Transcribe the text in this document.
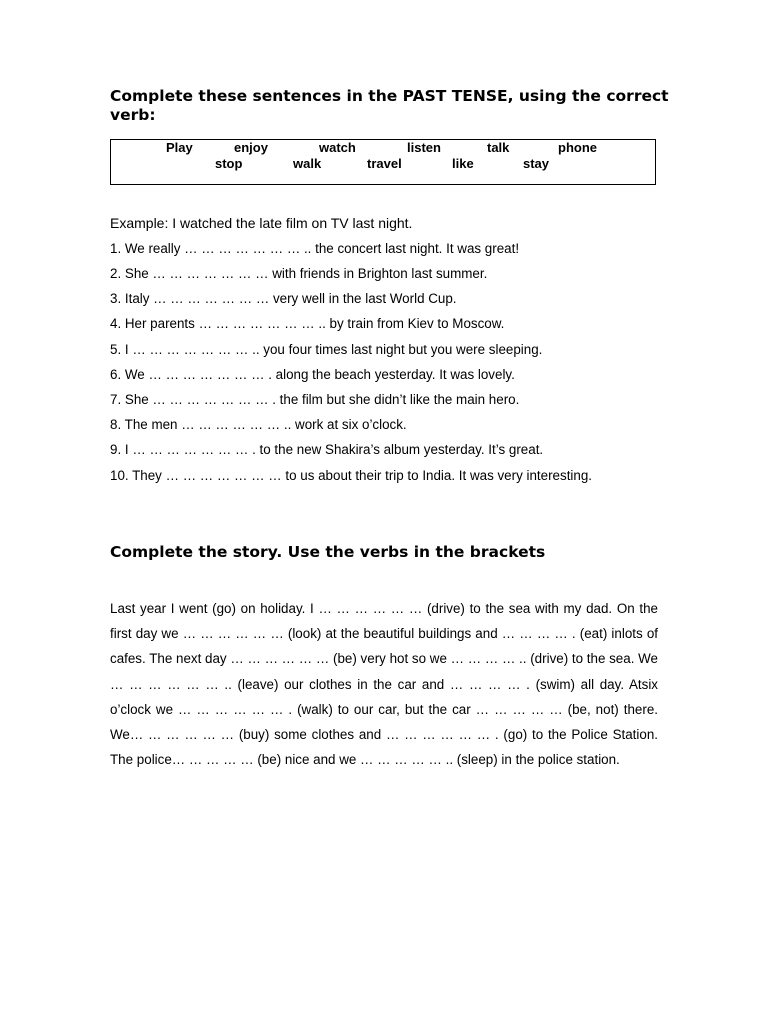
Complete these sentences in the PAST TENSE, using the correct verb:
Play	enjoy	watch	listen	talk	phone
stop	walk	travel	like	stay

Example: I watched the late film on TV last night.

1. We really … … … … … … … .. the concert last night. It was great!

2. She … … … … … … … with friends in Brighton last summer.

3. Italy … … … … … … … very well in the last World Cup.

4. Her parents … … … … … … … .. by train from Kiev to Moscow.

5. I … … … … … … … .. you four times last night but you were sleeping.

6. We … … … … … … … . along the beach yesterday. It was lovely.

7. She … … … … … … … . the film but she didn’t like the main hero.

8. The men … … … … … … .. work at six o’clock.

9. I … … … … … … … . to the new Shakira’s album yesterday. It’s great.

10. They … … … … … … … to us about their trip to India. It was very interesting.

Complete the story. Use the verbs in the brackets

Last year I went (go) on holiday. I … … … … … … (drive) to the sea with my dad. On the first day we … … … … … … (look) at the beautiful buildings and … … … … . (eat) inlots of cafes. The next day … … … … … … (be) very hot so we … … … … .. (drive) to the sea. We … … … … … … .. (leave) our clothes in the car and … … … … . (swim) all day. Atsix o’clock we … … … … … … . (walk) to our car, but the car … … … … … (be, not) there. We… … … … … … (buy) some clothes and … … … … … … . (go) to the Police Station. The police… … … … … (be) nice and we … … … … … .. (sleep) in the police station.
